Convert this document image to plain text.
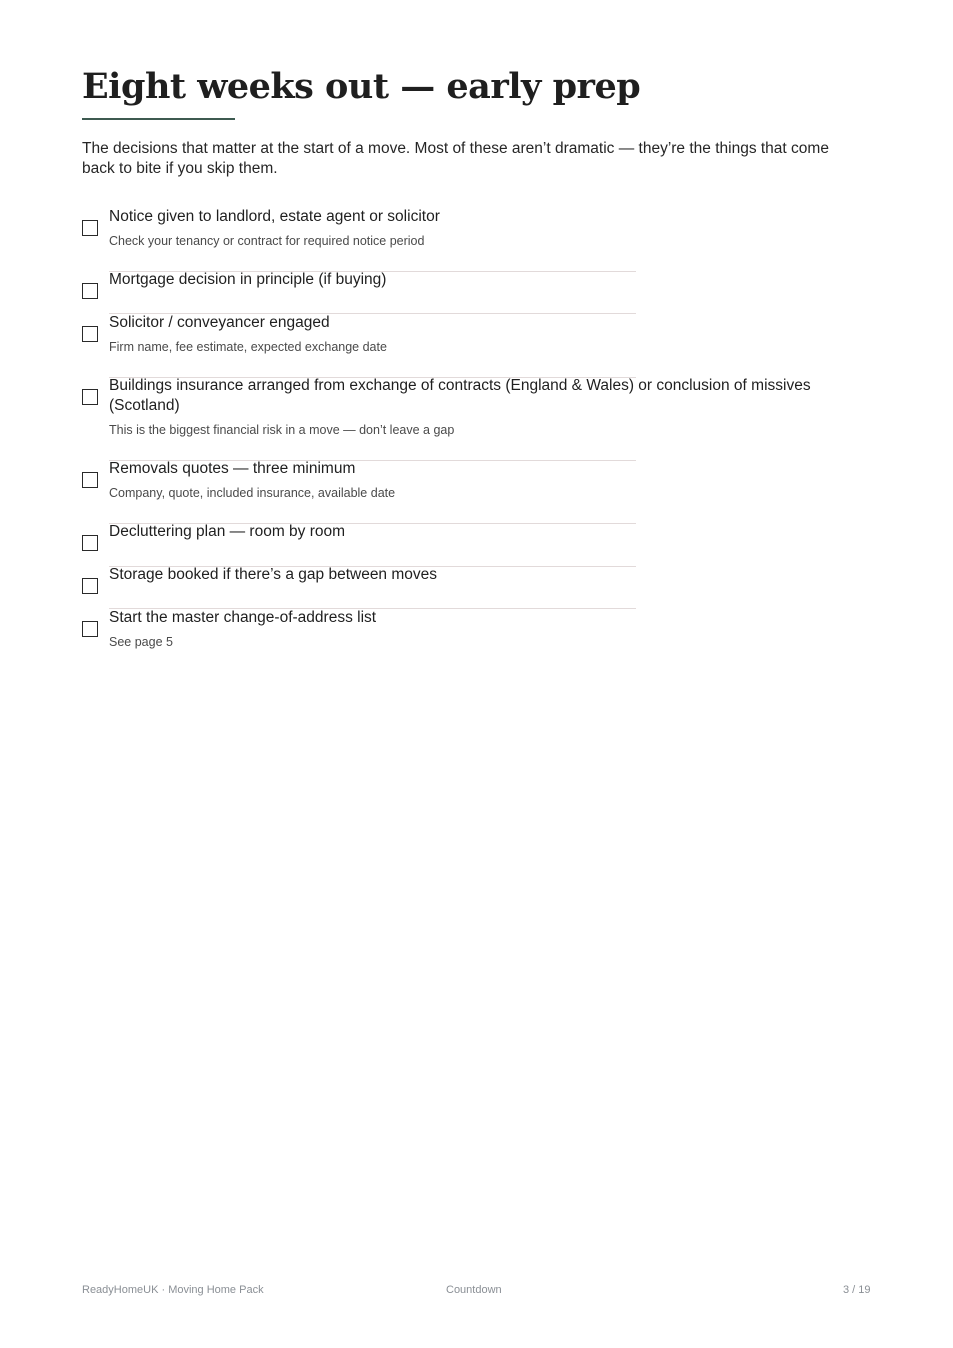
Eight weeks out — early prep

The decisions that matter at the start of a move. Most of these aren’t dramatic — they’re the things that come back to bite if you skip them.

Notice given to landlord, estate agent or solicitor
Check your tenancy or contract for required notice period
Mortgage decision in principle (if buying)
Solicitor / conveyancer engaged
Firm name, fee estimate, expected exchange date
Buildings insurance arranged from exchange of contracts (England & Wales) or conclusion of missives (Scotland)
This is the biggest financial risk in a move — don’t leave a gap
Removals quotes — three minimum
Company, quote, included insurance, available date
Decluttering plan — room by room
Storage booked if there’s a gap between moves
Start the master change-of-address list
See page 5
ReadyHomeUK · Moving Home Pack	Countdown	3 / 19
